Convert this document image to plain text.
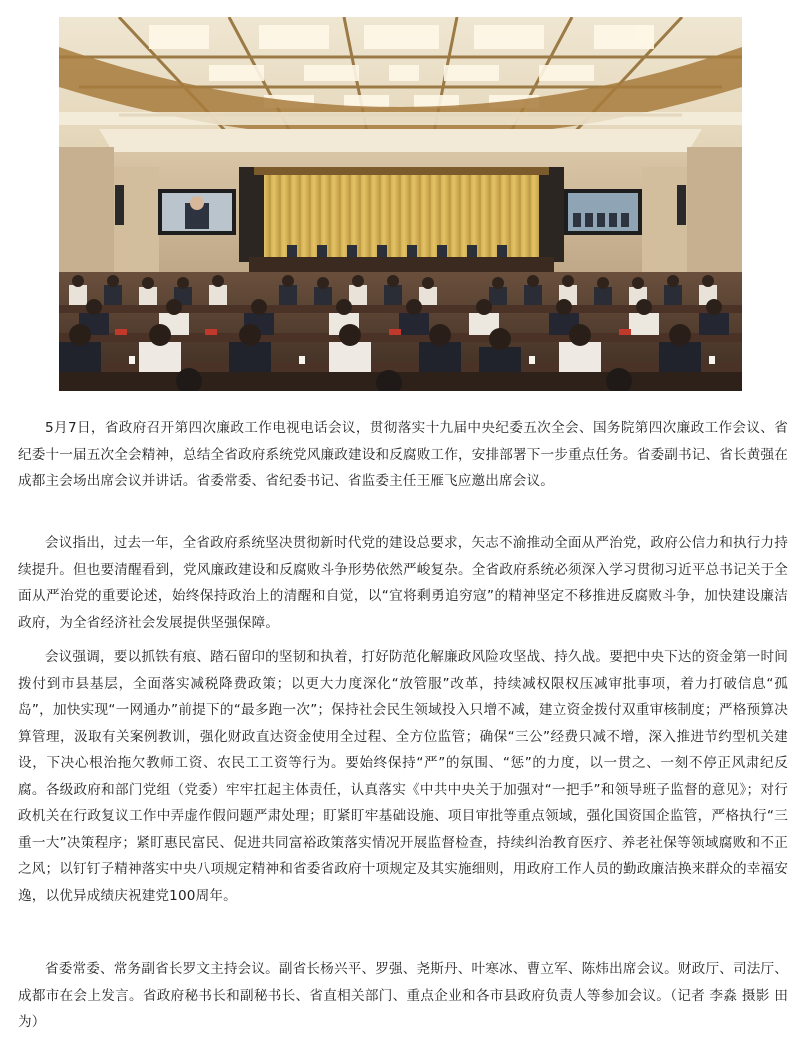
5月7日，省政府召开第四次廉政工作电视电话会议，贯彻落实十九届中央纪委五次全会、国务院第四次廉政工作会议、省纪委十一届五次全会精神，总结全省政府系统党风廉政建设和反腐败工作，安排部署下一步重点任务。省委副书记、省长黄强在成都主会场出席会议并讲话。省委常委、省纪委书记、省监委主任王雁飞应邀出席会议。

会议指出，过去一年，全省政府系统坚决贯彻新时代党的建设总要求，矢志不渝推动全面从严治党，政府公信力和执行力持续提升。但也要清醒看到，党风廉政建设和反腐败斗争形势依然严峻复杂。全省政府系统必须深入学习贯彻习近平总书记关于全面从严治党的重要论述，始终保持政治上的清醒和自觉，以“宜将剩勇追穷寇”的精神坚定不移推进反腐败斗争，加快建设廉洁政府，为全省经济社会发展提供坚强保障。

会议强调，要以抓铁有痕、踏石留印的坚韧和执着，打好防范化解廉政风险攻坚战、持久战。要把中央下达的资金第一时间拨付到市县基层，全面落实减税降费政策；以更大力度深化“放管服”改革，持续减权限权压减审批事项，着力打破信息“孤岛”，加快实现“一网通办”前提下的“最多跑一次”；保持社会民生领域投入只增不减，建立资金拨付双重审核制度；严格预算决算管理，汲取有关案例教训，强化财政直达资金使用全过程、全方位监管；确保“三公”经费只减不增，深入推进节约型机关建设，下决心根治拖欠教师工资、农民工工资等行为。要始终保持“严”的氛围、“惩”的力度，以一贯之、一刻不停正风肃纪反腐。各级政府和部门党组（党委）牢牢扛起主体责任，认真落实《中共中央关于加强对“一把手”和领导班子监督的意见》；对行政机关在行政复议工作中弄虚作假问题严肃处理；盯紧盯牢基础设施、项目审批等重点领域，强化国资国企监管，严格执行“三重一大”决策程序；紧盯惠民富民、促进共同富裕政策落实情况开展监督检查，持续纠治教育医疗、养老社保等领域腐败和不正之风；以钉钉子精神落实中央八项规定精神和省委省政府十项规定及其实施细则，用政府工作人员的勤政廉洁换来群众的幸福安逸，以优异成绩庆祝建党100周年。

省委常委、常务副省长罗文主持会议。副省长杨兴平、罗强、尧斯丹、叶寒冰、曹立军、陈炜出席会议。财政厅、司法厅、成都市在会上发言。省政府秘书长和副秘书长、省直相关部门、重点企业和各市县政府负责人等参加会议。（记者 李淼 摄影 田为）
